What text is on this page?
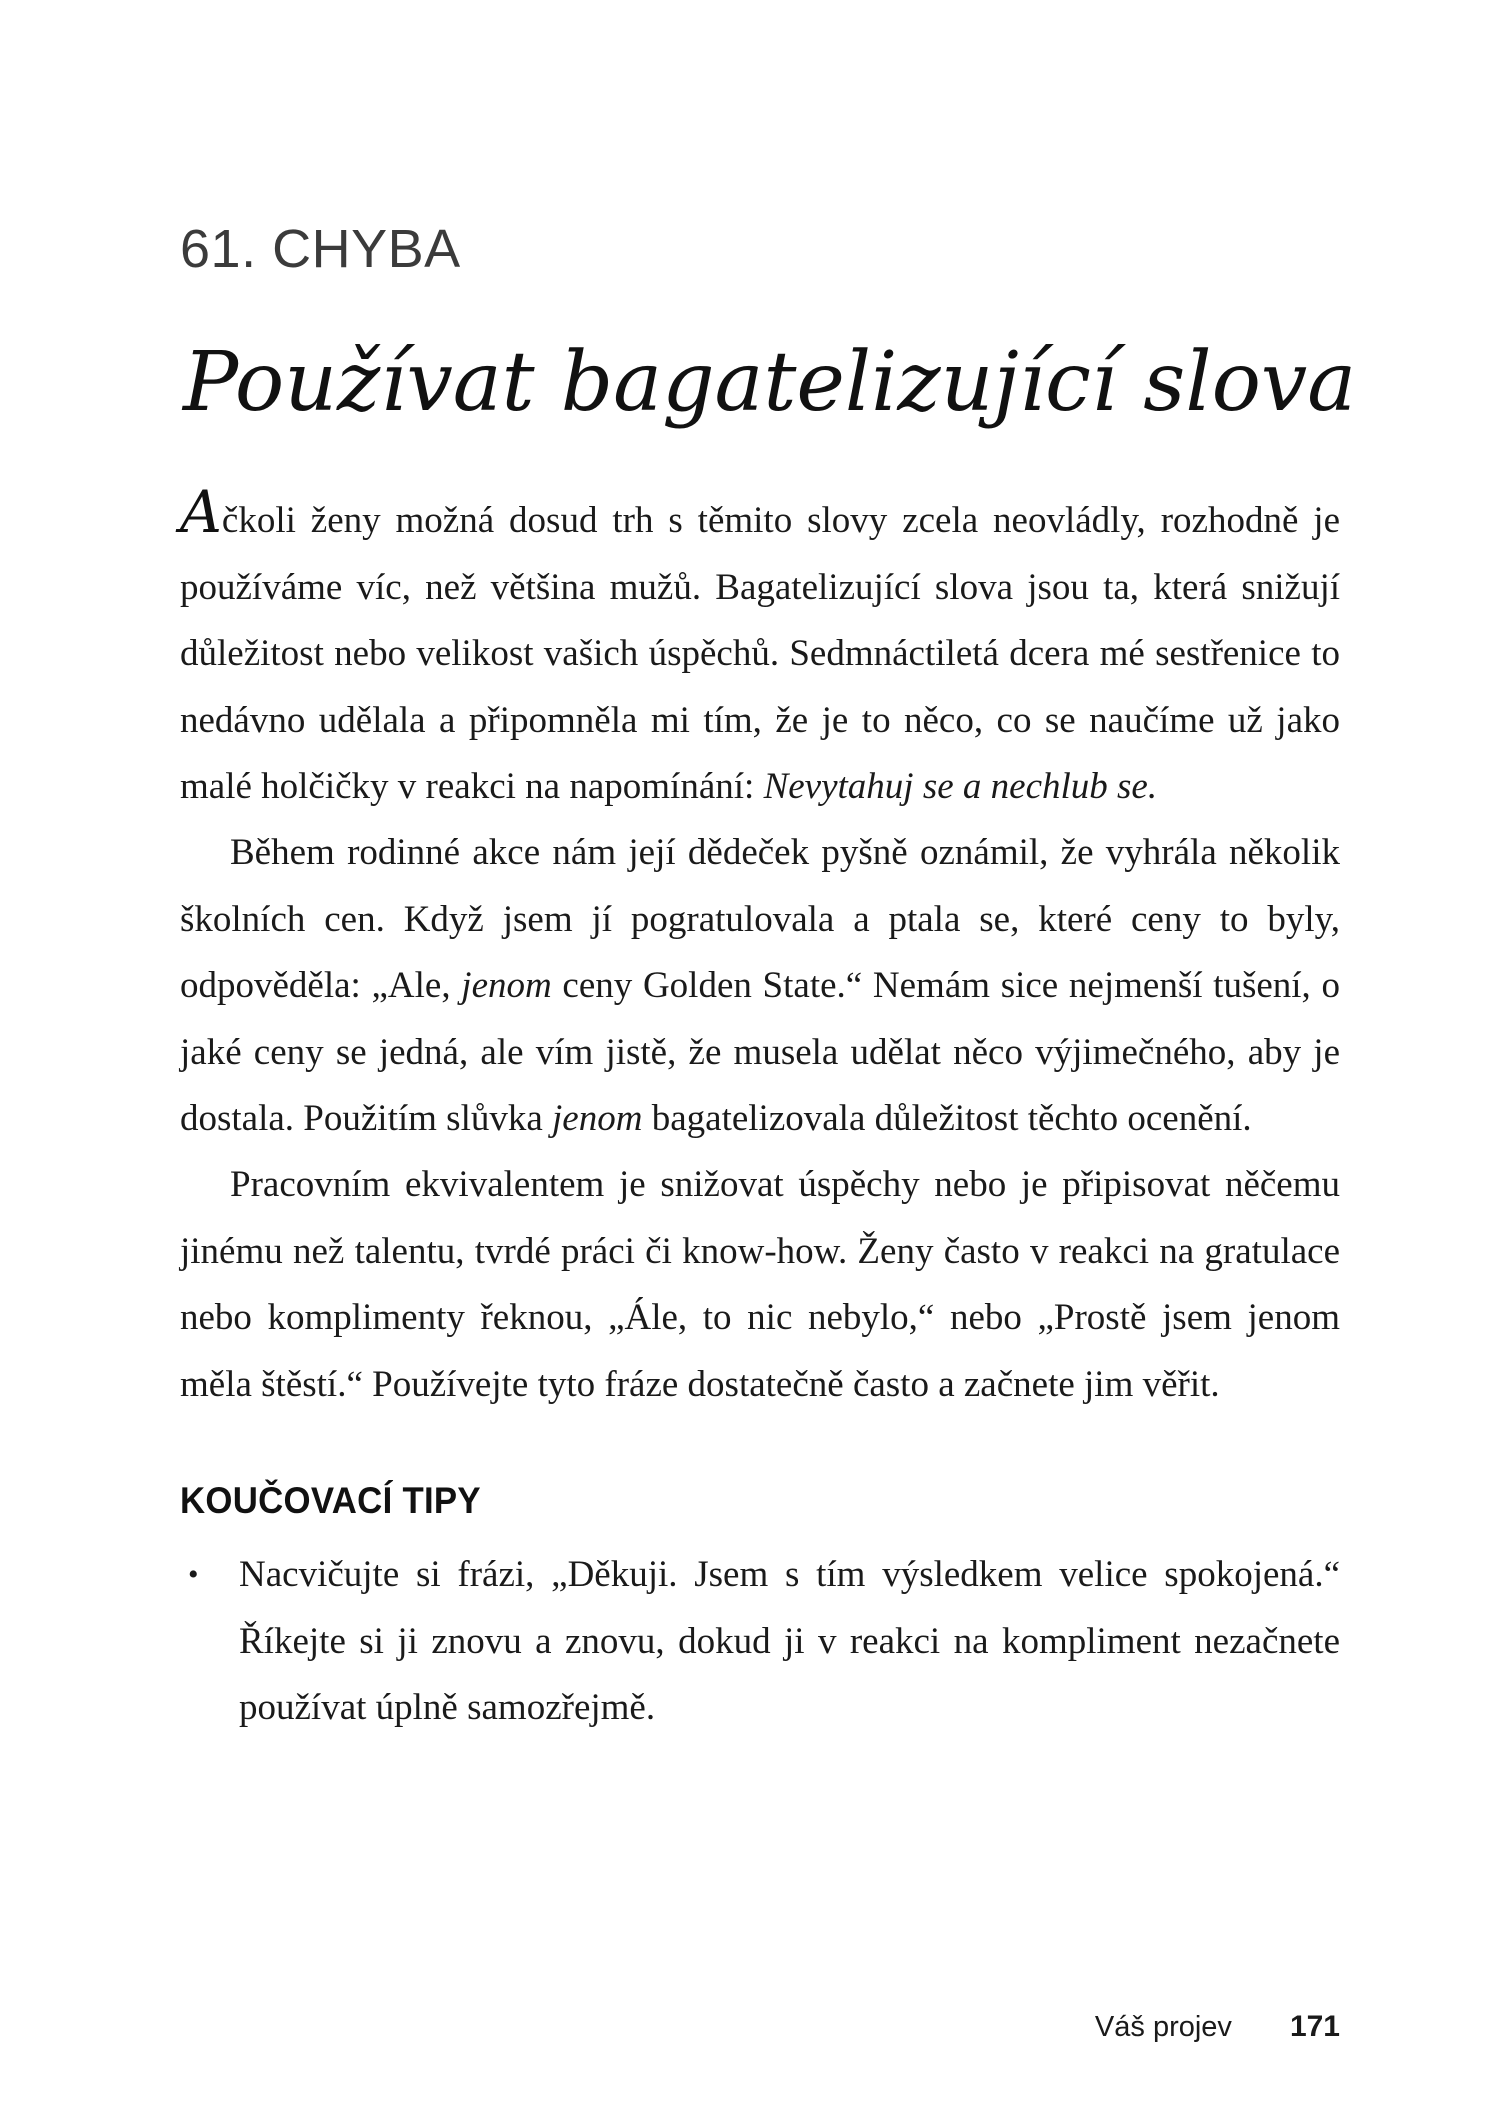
61. CHYBA
Používat bagatelizující slova

Ačkoli ženy možná dosud trh s těmito slovy zcela neovládly, rozhodně je používáme víc, než většina mužů. Bagatelizující slova jsou ta, která snižují důležitost nebo velikost vašich úspěchů. Sedmnáctiletá dcera mé sestřenice to nedávno udělala a připomněla mi tím, že je to něco, co se naučíme už jako malé holčičky v reakci na napomínání: Nevytahuj se a nechlub se.

Během rodinné akce nám její dědeček pyšně oznámil, že vyhrála několik školních cen. Když jsem jí pogratulovala a ptala se, které ceny to byly, odpověděla: „Ale, jenom ceny Golden State.“ Nemám sice nejmenší tušení, o jaké ceny se jedná, ale vím jistě, že musela udělat něco výjimečného, aby je dostala. Použitím slůvka jenom bagatelizovala důležitost těchto ocenění.

Pracovním ekvivalentem je snižovat úspěchy nebo je připisovat něčemu jinému než talentu, tvrdé práci či know-how. Ženy často v reakci na gratulace nebo komplimenty řeknou, „Ále, to nic nebylo,“ nebo „Prostě jsem jenom měla štěstí.“ Používejte tyto fráze dostatečně často a začnete jim věřit.

KOUČOVACÍ TIPY
• Nacvičujte si frázi, „Děkuji. Jsem s tím výsledkem velice spokojená.“ Říkejte si ji znovu a znovu, dokud ji v reakci na kompliment nezačnete používat úplně samozřejmě.
Váš projev 171
